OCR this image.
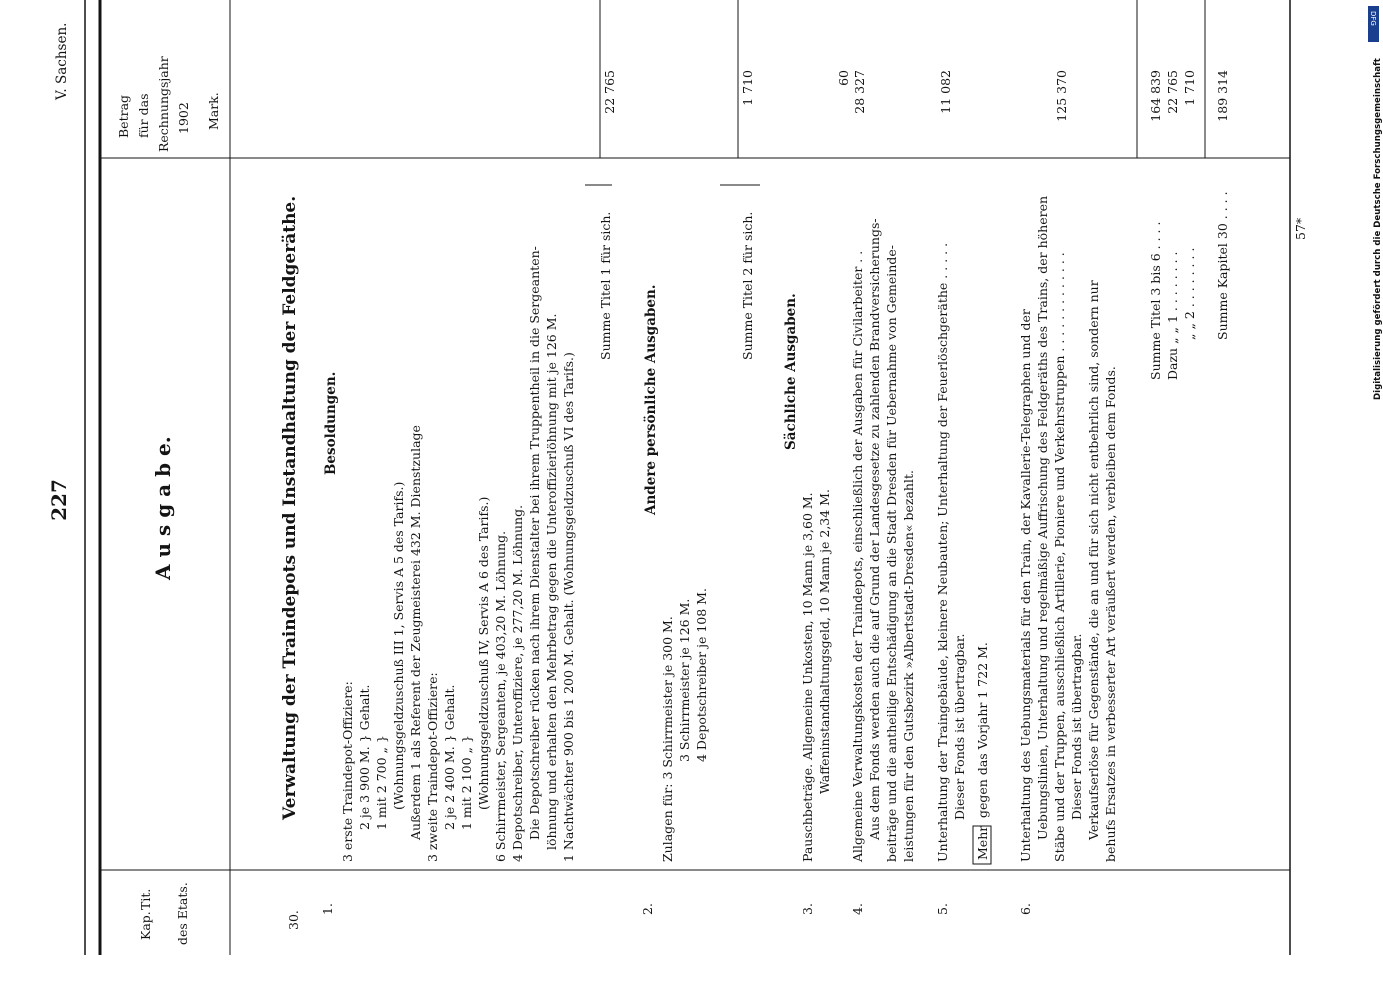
227
V. Sachsen.
Kap.
Tit. des Etats.
Betrag für das Rechnungsjahr 1902 Mark.
A u s g a b e.	Verwaltung der Traindepots und Instandhaltung der Feldgeräthe.
30.
1.
Besoldungen.
3 erste Traindepot-Offiziere: 2 je 3 900 M. } Gehalt. 1 mit 2 700 „ } (Wohnungsgeldzuschuß III 1, Servis A 5 des Tarifs.) Außerdem 1 als Referent der Zeugmeisterei 432 M. Dienstzulage 3 zweite Traindepot-Offiziere: 2 je 2 400 M. } Gehalt. 1 mit 2 100 „ } (Wohnungsgeldzuschuß IV, Servis A 6 des Tarifs.) 6 Schirrmeister, Sergeanten, je 403,20 M. Löhnung. 4 Depotschreiber, Unteroffiziere, je 277,20 M. Löhnung. Die Depotschreiber rücken nach ihrem Dienstalter bei ihrem Truppentheil in die Sergeanten- löhnung und erhalten den Mehrbetrag gegen die Unteroffizierlöhnung mit je 126 M. 1 Nachtwächter 900 bis 1 200 M. Gehalt. (Wohnungsgeldzuschuß VI des Tarifs.)
Summe Titel 1 für sich.
22 765
2.
Andere persönliche Ausgaben.
Zulagen für: 3 Schirrmeister je 300 M. 3 Schirrmeister je 126 M. 4 Depotschreiber je 108 M.
Summe Titel 2 für sich.
1 710
Sächliche Ausgaben.
3.
Pauschbeträge. Allgemeine Unkosten, 10 Mann je 3,60 M. Waffeninstandhaltungsgeld, 10 Mann je 2,34 M.
60
4.
Allgemeine Verwaltungskosten der Traindepots, einschließlich der Ausgaben für Civilarbeiter . . Aus dem Fonds werden auch die auf Grund der Landesgesetze zu zahlenden Brandversicherungs- beiträge und die antheilige Entschädigung an die Stadt Dresden für Uebernahme von Gemeinde- leistungen für den Gutsbezirk »Albertstadt-Dresden« bezahlt.
28 327
5.
Unterhaltung der Traingebäude, kleinere Neubauten; Unterhaltung der Feuerlöschgeräthe . . . . . Dieser Fonds ist übertragbar.
Mehr
gegen das Vorjahr 1 722 M.
11 082
6.
Unterhaltung des Uebungsmaterials für den Train, der Kavallerie-Telegraphen und der Uebungslinien, Unterhaltung und regelmäßige Auffrischung des Feldgeräths des Trains, der höheren Stäbe und der Truppen, ausschließlich Artillerie, Pioniere und Verkehrstruppen . . . . . . . . . . . . . Dieser Fonds ist übertragbar. Verkaufserlöse für Gegenstände, die an und für sich nicht entbehrlich sind, sondern nur behufs Ersatzes in verbesserter Art veräußert werden, verbleiben dem Fonds.
125 370
Summe Titel 3 bis 6 . . . .
164 839
Dazu „ „ 1 . . . . . . . .
22 765
„ „ 2 . . . . . . . .
1 710
Summe Kapitel 30 . . . .
189 314
57*	Digitalisierung gefördert durch die Deutsche Forschungsgemeinschaft
DFG
